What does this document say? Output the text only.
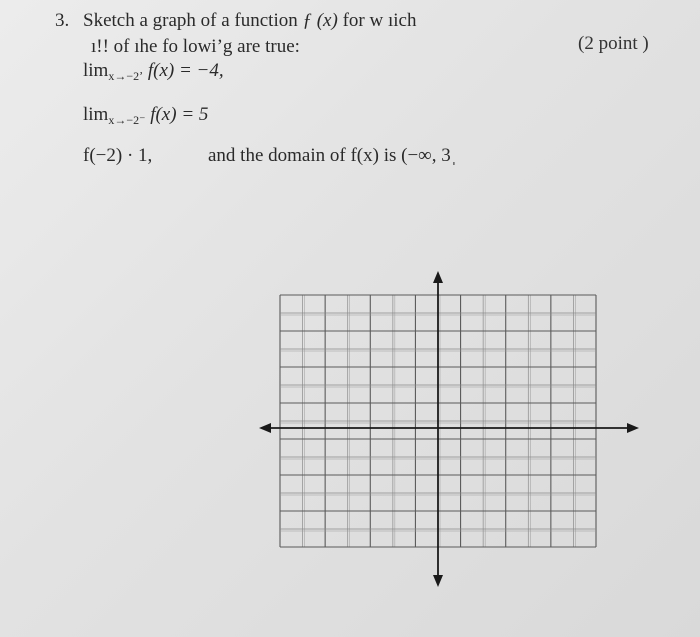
3. Sketch a graph of a function ƒ (x) for w ıich
ı!! of ıhe fo lowiʼg are true:	(2 point )
$\lim_{x\to-2ʼ} f(x) = -4$,
$\lim_{x\to-2^-} f(x) = 5$
f(−2) · 1,	and the domain of f(x) is (−∞, 3ˌ
